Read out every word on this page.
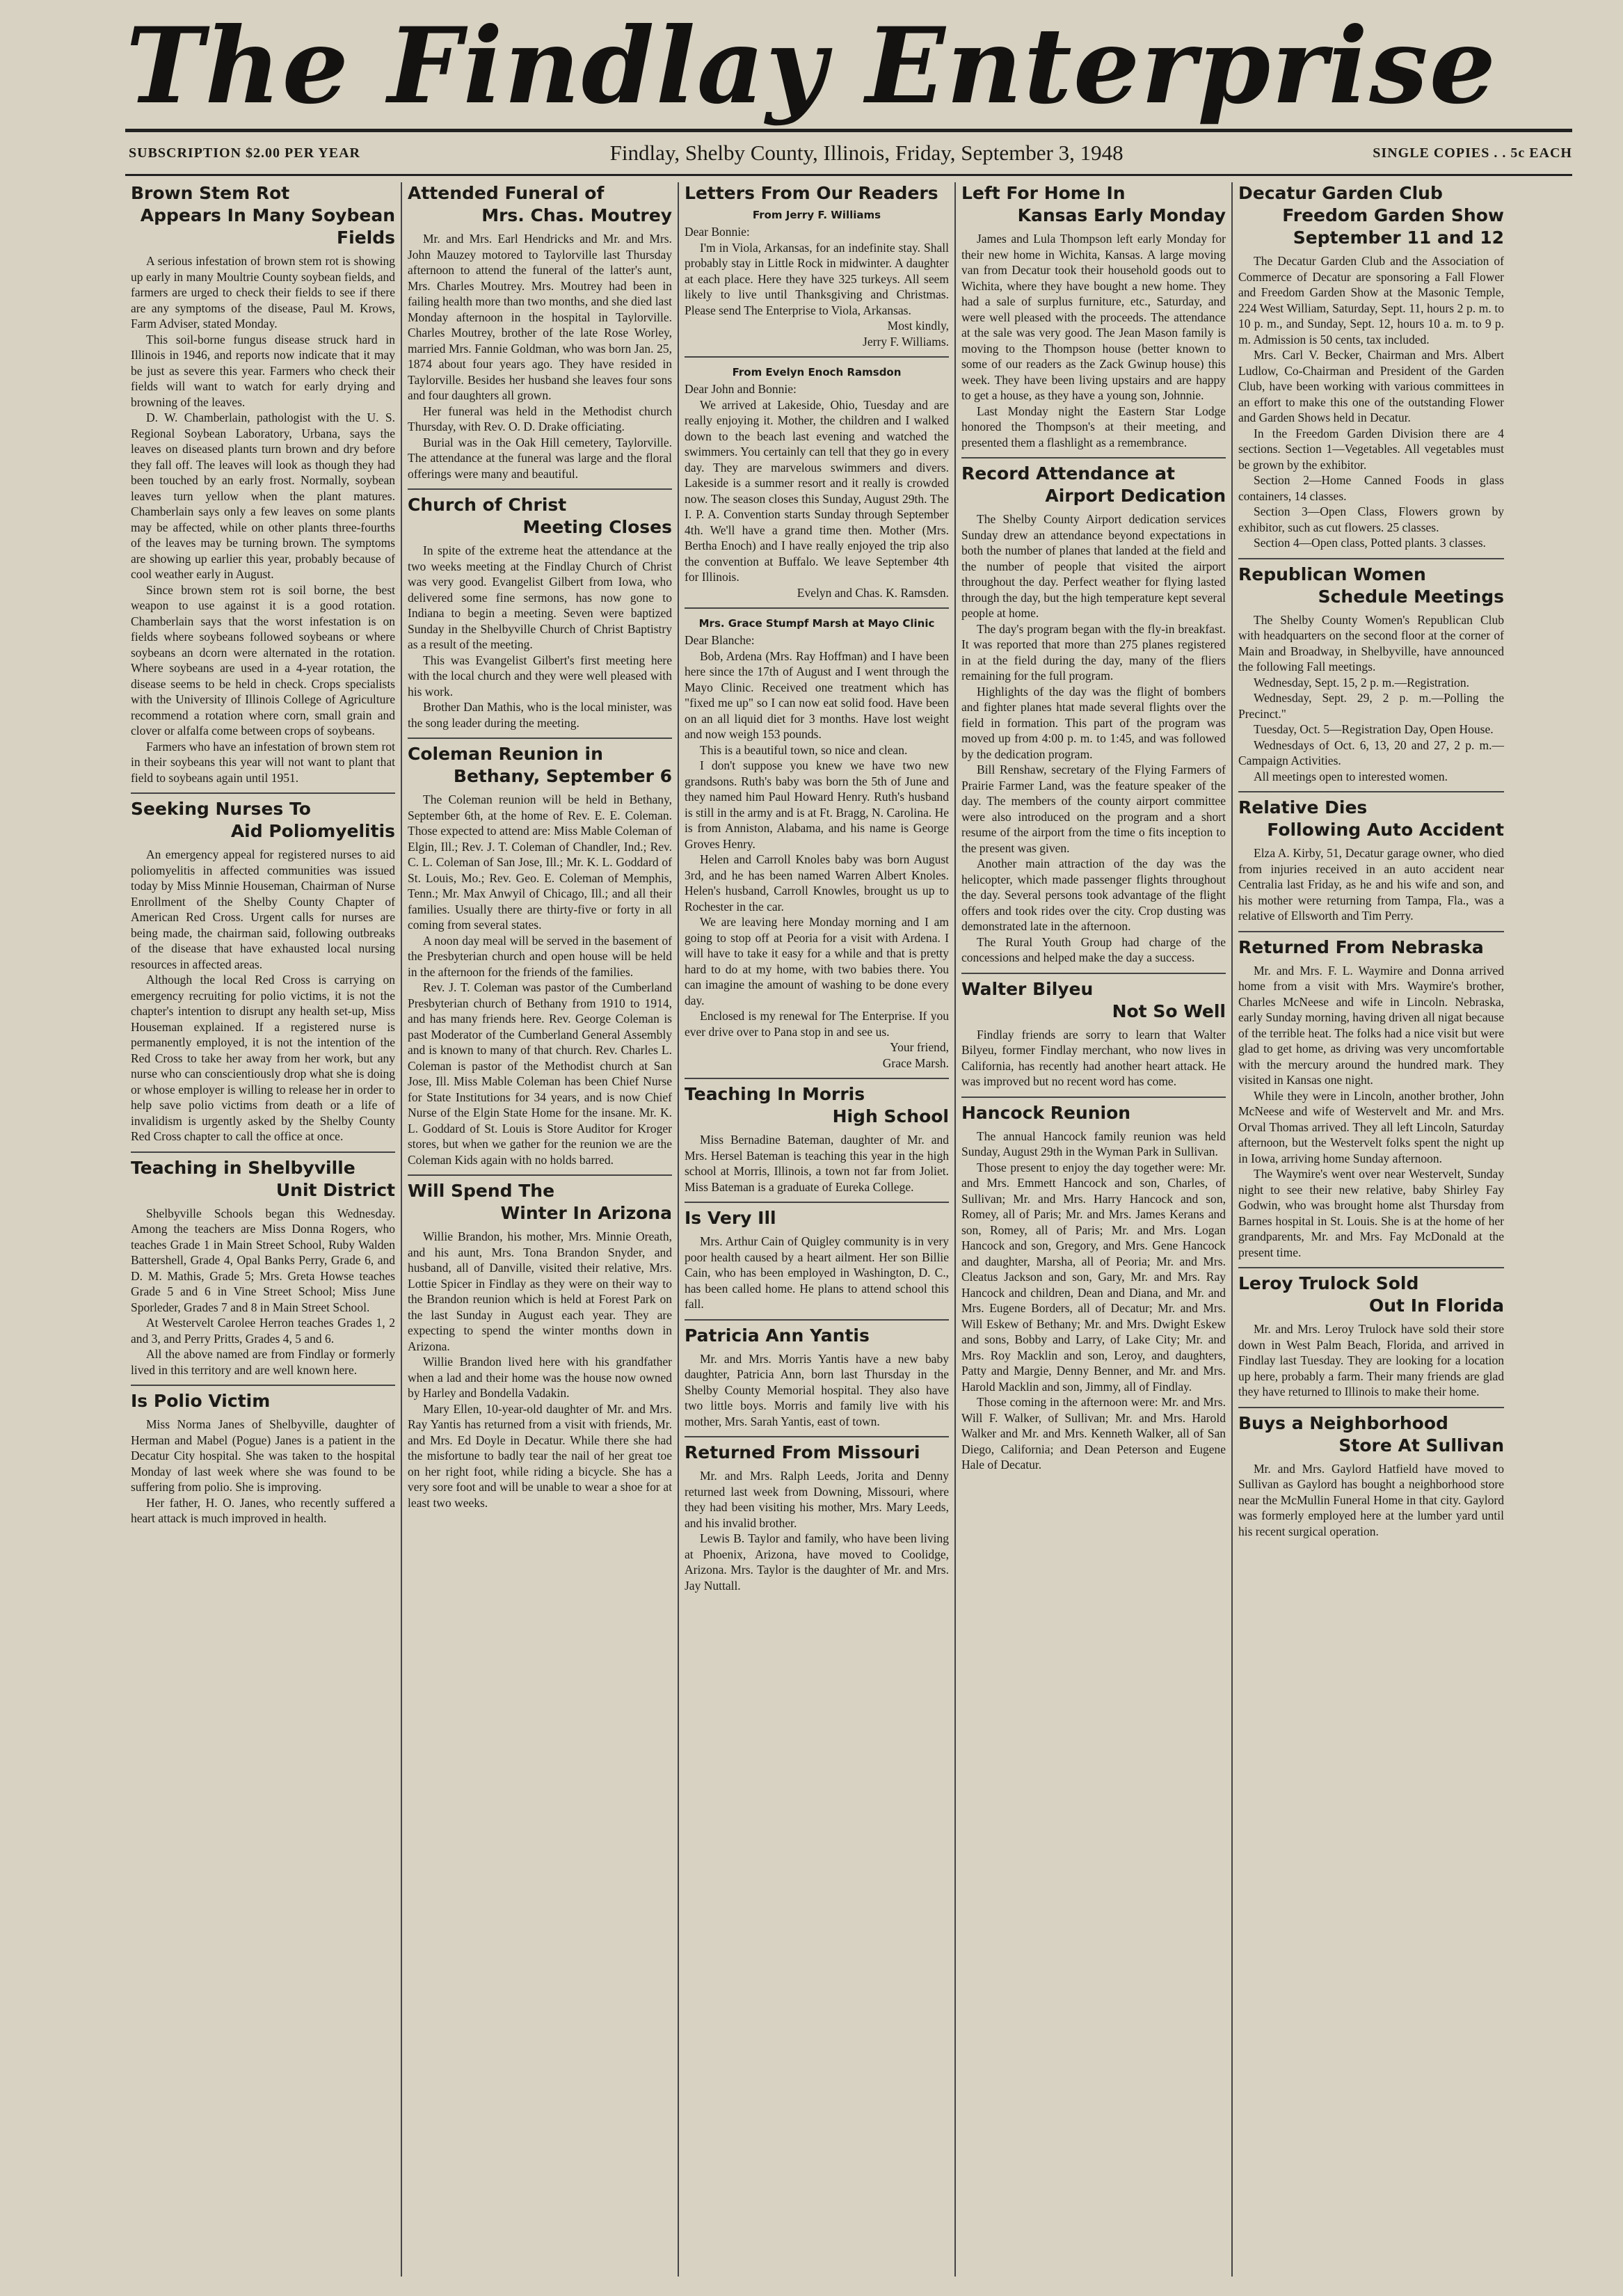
The Findlay Enterprise
SUBSCRIPTION $2.00 PER YEAR	Findlay, Shelby County, Illinois, Friday, September 3, 1948	SINGLE COPIES . . 5c EACH
Brown Stem Rot
Appears In Many Soybean Fields

A serious infestation of brown stem rot is showing up early in many Moultrie County soybean fields, and farmers are urged to check their fields to see if there are any symptoms of the disease, Paul M. Krows, Farm Adviser, stated Monday.

This soil-borne fungus disease struck hard in Illinois in 1946, and reports now indicate that it may be just as severe this year. Farmers who check their fields will want to watch for early drying and browning of the leaves.

D. W. Chamberlain, pathologist with the U. S. Regional Soybean Laboratory, Urbana, says the leaves on diseased plants turn brown and dry before they fall off. The leaves will look as though they had been touched by an early frost. Normally, soybean leaves turn yellow when the plant matures. Chamberlain says only a few leaves on some plants may be affected, while on other plants three-fourths of the leaves may be turning brown. The symptoms are showing up earlier this year, probably because of cool weather early in August.

Since brown stem rot is soil borne, the best weapon to use against it is a good rotation. Chamberlain says that the worst infestation is on fields where soybeans followed soybeans or where soybeans an dcorn were alternated in the rotation. Where soybeans are used in a 4-year rotation, the disease seems to be held in check. Crops specialists with the University of Illinois College of Agriculture recommend a rotation where corn, small grain and clover or alfalfa come between crops of soybeans.

Farmers who have an infestation of brown stem rot in their soybeans this year will not want to plant that field to soybeans again until 1951.

Seeking Nurses To
Aid Poliomyelitis

An emergency appeal for registered nurses to aid poliomyelitis in affected communities was issued today by Miss Minnie Houseman, Chairman of Nurse Enrollment of the Shelby County Chapter of American Red Cross. Urgent calls for nurses are being made, the chairman said, following outbreaks of the disease that have exhausted local nursing resources in affected areas.

Although the local Red Cross is carrying on emergency recruiting for polio victims, it is not the chapter's intention to disrupt any health set-up, Miss Houseman explained. If a registered nurse is permanently employed, it is not the intention of the Red Cross to take her away from her work, but any nurse who can conscientiously drop what she is doing or whose employer is willing to release her in order to help save polio victims from death or a life of invalidism is urgently asked by the Shelby County Red Cross chapter to call the office at once.

Teaching in Shelbyville
Unit District

Shelbyville Schools began this Wednesday. Among the teachers are Miss Donna Rogers, who teaches Grade 1 in Main Street School, Ruby Walden Battershell, Grade 4, Opal Banks Perry, Grade 6, and D. M. Mathis, Grade 5; Mrs. Greta Howse teaches Grade 5 and 6 in Vine Street School; Miss June Sporleder, Grades 7 and 8 in Main Street School.

At Westervelt Carolee Herron teaches Grades 1, 2 and 3, and Perry Pritts, Grades 4, 5 and 6.

All the above named are from Findlay or formerly lived in this territory and are well known here.

Is Polio Victim

Miss Norma Janes of Shelbyville, daughter of Herman and Mabel (Pogue) Janes is a patient in the Decatur City hospital. She was taken to the hospital Monday of last week where she was found to be suffering from polio. She is improving.

Her father, H. O. Janes, who recently suffered a heart attack is much improved in health.

Attended Funeral of
Mrs. Chas. Moutrey

Mr. and Mrs. Earl Hendricks and Mr. and Mrs. John Mauzey motored to Taylorville last Thursday afternoon to attend the funeral of the latter's aunt, Mrs. Charles Moutrey. Mrs. Moutrey had been in failing health more than two months, and she died last Monday afternoon in the hospital in Taylorville. Charles Moutrey, brother of the late Rose Worley, married Mrs. Fannie Goldman, who was born Jan. 25, 1874 about four years ago. They have resided in Taylorville. Besides her husband she leaves four sons and four daughters all grown.

Her funeral was held in the Methodist church Thursday, with Rev. O. D. Drake officiating.

Burial was in the Oak Hill cemetery, Taylorville. The attendance at the funeral was large and the floral offerings were many and beautiful.

Church of Christ
Meeting Closes

In spite of the extreme heat the attendance at the two weeks meeting at the Findlay Church of Christ was very good. Evangelist Gilbert from Iowa, who delivered some fine sermons, has now gone to Indiana to begin a meeting. Seven were baptized Sunday in the Shelbyville Church of Christ Baptistry as a result of the meeting.

This was Evangelist Gilbert's first meeting here with the local church and they were well pleased with his work.

Brother Dan Mathis, who is the local minister, was the song leader during the meeting.

Coleman Reunion in
Bethany, September 6

The Coleman reunion will be held in Bethany, September 6th, at the home of Rev. E. E. Coleman. Those expected to attend are: Miss Mable Coleman of Elgin, Ill.; Rev. J. T. Coleman of Chandler, Ind.; Rev. C. L. Coleman of San Jose, Ill.; Mr. K. L. Goddard of St. Louis, Mo.; Rev. Geo. E. Coleman of Memphis, Tenn.; Mr. Max Anwyil of Chicago, Ill.; and all their families. Usually there are thirty-five or forty in all coming from several states.

A noon day meal will be served in the basement of the Presbyterian church and open house will be held in the afternoon for the friends of the families.

Rev. J. T. Coleman was pastor of the Cumberland Presbyterian church of Bethany from 1910 to 1914, and has many friends here. Rev. George Coleman is past Moderator of the Cumberland General Assembly and is known to many of that church. Rev. Charles L. Coleman is pastor of the Methodist church at San Jose, Ill. Miss Mable Coleman has been Chief Nurse for State Institutions for 34 years, and is now Chief Nurse of the Elgin State Home for the insane. Mr. K. L. Goddard of St. Louis is Store Auditor for Kroger stores, but when we gather for the reunion we are the Coleman Kids again with no holds barred.

Will Spend The
Winter In Arizona

Willie Brandon, his mother, Mrs. Minnie Oreath, and his aunt, Mrs. Tona Brandon Snyder, and husband, all of Danville, visited their relative, Mrs. Lottie Spicer in Findlay as they were on their way to the Brandon reunion which is held at Forest Park on the last Sunday in August each year. They are expecting to spend the winter months down in Arizona.

Willie Brandon lived here with his grandfather when a lad and their home was the house now owned by Harley and Bondella Vadakin.

Mary Ellen, 10-year-old daughter of Mr. and Mrs. Ray Yantis has returned from a visit with friends, Mr. and Mrs. Ed Doyle in Decatur. While there she had the misfortune to badly tear the nail of her great toe on her right foot, while riding a bicycle. She has a very sore foot and will be unable to wear a shoe for at least two weeks.

Letters From Our Readers
From Jerry F. Williams

Dear Bonnie:

I'm in Viola, Arkansas, for an indefinite stay. Shall probably stay in Little Rock in midwinter. A daughter at each place. Here they have 325 turkeys. All seem likely to live until Thanksgiving and Christmas. Please send The Enterprise to Viola, Arkansas.

Most kindly,

Jerry F. Williams.

From Evelyn Enoch Ramsdon

Dear John and Bonnie:

We arrived at Lakeside, Ohio, Tuesday and are really enjoying it. Mother, the children and I walked down to the beach last evening and watched the swimmers. You certainly can tell that they go in every day. They are marvelous swimmers and divers. Lakeside is a summer resort and it really is crowded now. The season closes this Sunday, August 29th. The I. P. A. Convention starts Sunday through September 4th. We'll have a grand time then. Mother (Mrs. Bertha Enoch) and I have really enjoyed the trip also the convention at Buffalo. We leave September 4th for Illinois.

Evelyn and Chas. K. Ramsden.

Mrs. Grace Stumpf Marsh at Mayo Clinic

Dear Blanche:

Bob, Ardena (Mrs. Ray Hoffman) and I have been here since the 17th of August and I went through the Mayo Clinic. Received one treatment which has "fixed me up" so I can now eat solid food. Have been on an all liquid diet for 3 months. Have lost weight and now weigh 153 pounds.

This is a beautiful town, so nice and clean.

I don't suppose you knew we have two new grandsons. Ruth's baby was born the 5th of June and they named him Paul Howard Henry. Ruth's husband is still in the army and is at Ft. Bragg, N. Carolina. He is from Anniston, Alabama, and his name is George Groves Henry.

Helen and Carroll Knoles baby was born August 3rd, and he has been named Warren Albert Knoles. Helen's husband, Carroll Knowles, brought us up to Rochester in the car.

We are leaving here Monday morning and I am going to stop off at Peoria for a visit with Ardena. I will have to take it easy for a while and that is pretty hard to do at my home, with two babies there. You can imagine the amount of washing to be done every day.

Enclosed is my renewal for The Enterprise. If you ever drive over to Pana stop in and see us.

Your friend,

Grace Marsh.

Teaching In Morris
High School

Miss Bernadine Bateman, daughter of Mr. and Mrs. Hersel Bateman is teaching this year in the high school at Morris, Illinois, a town not far from Joliet. Miss Bateman is a graduate of Eureka College.

Is Very Ill

Mrs. Arthur Cain of Quigley community is in very poor health caused by a heart ailment. Her son Billie Cain, who has been employed in Washington, D. C., has been called home. He plans to attend school this fall.

Patricia Ann Yantis

Mr. and Mrs. Morris Yantis have a new baby daughter, Patricia Ann, born last Thursday in the Shelby County Memorial hospital. They also have two little boys. Morris and family live with his mother, Mrs. Sarah Yantis, east of town.

Returned From Missouri

Mr. and Mrs. Ralph Leeds, Jorita and Denny returned last week from Downing, Missouri, where they had been visiting his mother, Mrs. Mary Leeds, and his invalid brother.

Lewis B. Taylor and family, who have been living at Phoenix, Arizona, have moved to Coolidge, Arizona. Mrs. Taylor is the daughter of Mr. and Mrs. Jay Nuttall.

Left For Home In
Kansas Early Monday

James and Lula Thompson left early Monday for their new home in Wichita, Kansas. A large moving van from Decatur took their household goods out to Wichita, where they have bought a new home. They had a sale of surplus furniture, etc., Saturday, and were well pleased with the proceeds. The attendance at the sale was very good. The Jean Mason family is moving to the Thompson house (better known to some of our readers as the Zack Gwinup house) this week. They have been living upstairs and are happy to get a house, as they have a young son, Johnnie.

Last Monday night the Eastern Star Lodge honored the Thompson's at their meeting, and presented them a flashlight as a remembrance.

Record Attendance at
Airport Dedication

The Shelby County Airport dedication services Sunday drew an attendance beyond expectations in both the number of planes that landed at the field and the number of people that visited the airport throughout the day. Perfect weather for flying lasted through the day, but the high temperature kept several people at home.

The day's program began with the fly-in breakfast. It was reported that more than 275 planes registered in at the field during the day, many of the fliers remaining for the full program.

Highlights of the day was the flight of bombers and fighter planes htat made several flights over the field in formation. This part of the program was moved up from 4:00 p. m. to 1:45, and was followed by the dedication program.

Bill Renshaw, secretary of the Flying Farmers of Prairie Farmer Land, was the feature speaker of the day. The members of the county airport committee were also introduced on the program and a short resume of the airport from the time o fits inception to the present was given.

Another main attraction of the day was the helicopter, which made passenger flights throughout the day. Several persons took advantage of the flight offers and took rides over the city. Crop dusting was demonstrated late in the afternoon.

The Rural Youth Group had charge of the concessions and helped make the day a success.

Walter Bilyeu
Not So Well

Findlay friends are sorry to learn that Walter Bilyeu, former Findlay merchant, who now lives in California, has recently had another heart attack. He was improved but no recent word has come.

Hancock Reunion

The annual Hancock family reunion was held Sunday, August 29th in the Wyman Park in Sullivan.

Those present to enjoy the day together were: Mr. and Mrs. Emmett Hancock and son, Charles, of Sullivan; Mr. and Mrs. Harry Hancock and son, Romey, all of Paris; Mr. and Mrs. James Kerans and son, Romey, all of Paris; Mr. and Mrs. Logan Hancock and son, Gregory, and Mrs. Gene Hancock and daughter, Marsha, all of Peoria; Mr. and Mrs. Cleatus Jackson and son, Gary, Mr. and Mrs. Ray Hancock and children, Dean and Diana, and Mr. and Mrs. Eugene Borders, all of Decatur; Mr. and Mrs. Will Eskew of Bethany; Mr. and Mrs. Dwight Eskew and sons, Bobby and Larry, of Lake City; Mr. and Mrs. Roy Macklin and son, Leroy, and daughters, Patty and Margie, Denny Benner, and Mr. and Mrs. Harold Macklin and son, Jimmy, all of Findlay.

Those coming in the afternoon were: Mr. and Mrs. Will F. Walker, of Sullivan; Mr. and Mrs. Harold Walker and Mr. and Mrs. Kenneth Walker, all of San Diego, California; and Dean Peterson and Eugene Hale of Decatur.

Decatur Garden Club
Freedom Garden Show September 11 and 12

The Decatur Garden Club and the Association of Commerce of Decatur are sponsoring a Fall Flower and Freedom Garden Show at the Masonic Temple, 224 West William, Saturday, Sept. 11, hours 2 p. m. to 10 p. m., and Sunday, Sept. 12, hours 10 a. m. to 9 p. m. Admission is 50 cents, tax included.

Mrs. Carl V. Becker, Chairman and Mrs. Albert Ludlow, Co-Chairman and President of the Garden Club, have been working with various committees in an effort to make this one of the outstanding Flower and Garden Shows held in Decatur.

In the Freedom Garden Division there are 4 sections. Section 1—Vegetables. All vegetables must be grown by the exhibitor.

Section 2—Home Canned Foods in glass containers, 14 classes.

Section 3—Open Class, Flowers grown by exhibitor, such as cut flowers. 25 classes.

Section 4—Open class, Potted plants. 3 classes.

Republican Women
Schedule Meetings

The Shelby County Women's Republican Club with headquarters on the second floor at the corner of Main and Broadway, in Shelbyville, have announced the following Fall meetings.

Wednesday, Sept. 15, 2 p. m.—Registration.

Wednesday, Sept. 29, 2 p. m.—Polling the Precinct."

Tuesday, Oct. 5—Registration Day, Open House.

Wednesdays of Oct. 6, 13, 20 and 27, 2 p. m.—Campaign Activities.

All meetings open to interested women.

Relative Dies
Following Auto Accident

Elza A. Kirby, 51, Decatur garage owner, who died from injuries received in an auto accident near Centralia last Friday, as he and his wife and son, and his mother were returning from Tampa, Fla., was a relative of Ellsworth and Tim Perry.

Returned From Nebraska

Mr. and Mrs. F. L. Waymire and Donna arrived home from a visit with Mrs. Waymire's brother, Charles McNeese and wife in Lincoln. Nebraska, early Sunday morning, having driven all nigat because of the terrible heat. The folks had a nice visit but were glad to get home, as driving was very uncomfortable with the mercury around the hundred mark. They visited in Kansas one night.

While they were in Lincoln, another brother, John McNeese and wife of Westervelt and Mr. and Mrs. Orval Thomas arrived. They all left Lincoln, Saturday afternoon, but the Westervelt folks spent the night up in Iowa, arriving home Sunday afternoon.

The Waymire's went over near Westervelt, Sunday night to see their new relative, baby Shirley Fay Godwin, who was brought home alst Thursday from Barnes hospital in St. Louis. She is at the home of her grandparents, Mr. and Mrs. Fay McDonald at the present time.

Leroy Trulock Sold
Out In Florida

Mr. and Mrs. Leroy Trulock have sold their store down in West Palm Beach, Florida, and arrived in Findlay last Tuesday. They are looking for a location up here, probably a farm. Their many friends are glad they have returned to Illinois to make their home.

Buys a Neighborhood
Store At Sullivan

Mr. and Mrs. Gaylord Hatfield have moved to Sullivan as Gaylord has bought a neighborhood store near the McMullin Funeral Home in that city. Gaylord was formerly employed here at the lumber yard until his recent surgical operation.
